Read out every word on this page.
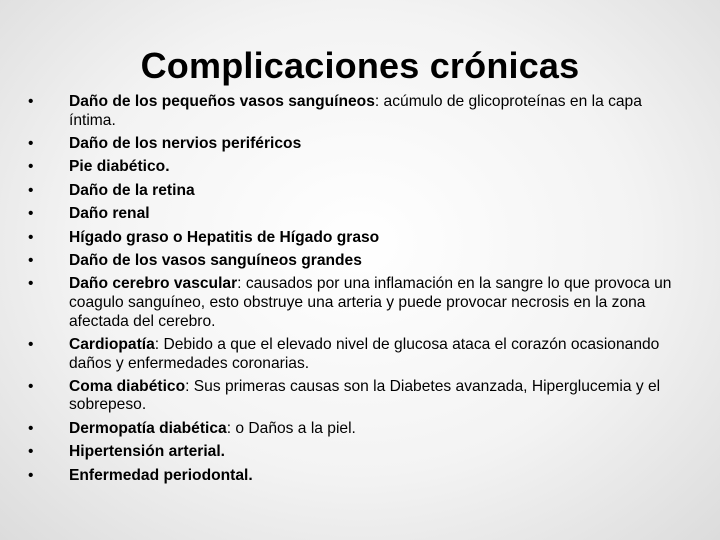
Complicaciones crónicas
• Daño de los pequeños vasos sanguíneos: acúmulo de glicoproteínas en la capa íntima.
• Daño de los nervios periféricos
• Pie diabético.
• Daño de la retina
• Daño renal
• Hígado graso o Hepatitis de Hígado graso
• Daño de los vasos sanguíneos grandes
• Daño cerebro vascular: causados por una inflamación en la sangre lo que provoca un coagulo sanguíneo, esto obstruye una arteria y puede provocar necrosis en la zona afectada del cerebro.
• Cardiopatía: Debido a que el elevado nivel de glucosa ataca el corazón ocasionando daños y enfermedades coronarias.
• Coma diabético: Sus primeras causas son la Diabetes avanzada, Hiperglucemia y el sobrepeso.
• Dermopatía diabética: o Daños a la piel.
• Hipertensión arterial.
• Enfermedad periodontal.
